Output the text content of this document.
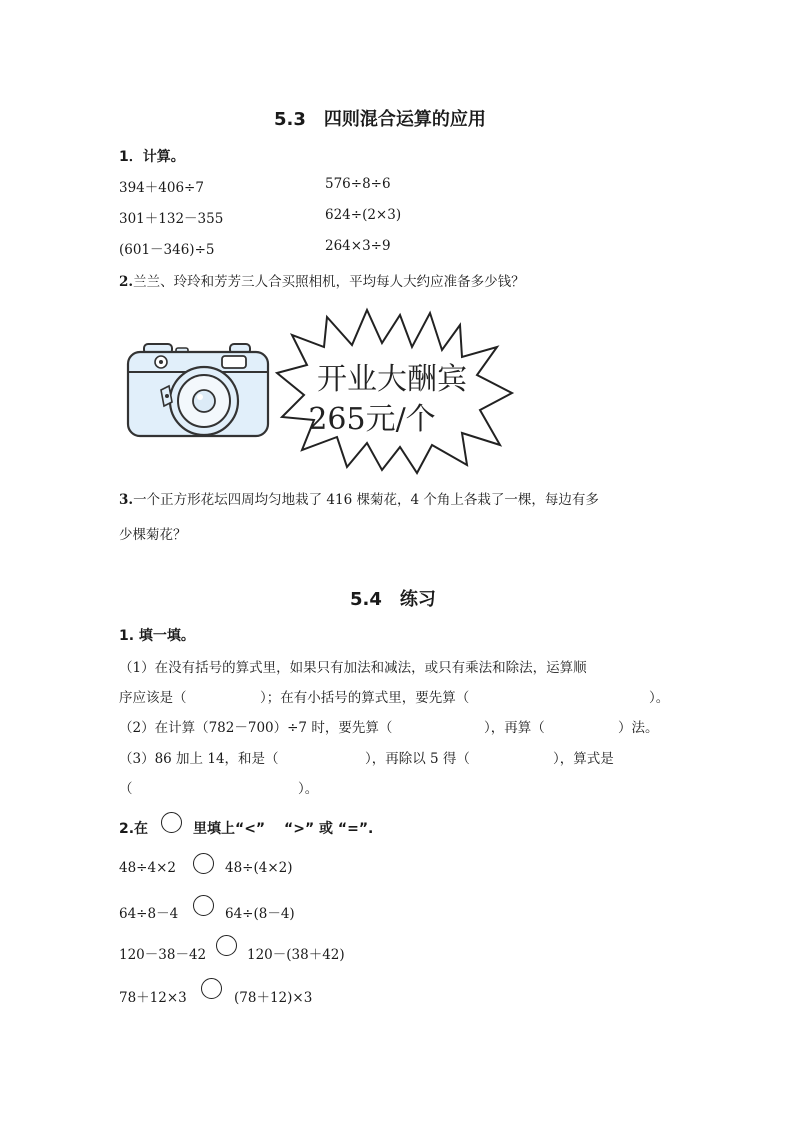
5.3　四则混合运算的应用
1．计算。
394＋406÷7	576÷8÷6
301＋132－355	624÷(2×3)
(601－346)÷5	264×3÷9
2.兰兰、玲玲和芳芳三人合买照相机，平均每人大约应准备多少钱？
开业大酬宾
265元/个
3.一个正方形花坛四周均匀地栽了 416 棵菊花，4 个角上各栽了一棵，每边有多
少棵菊花？
5.4　练习
1. 填一填。
（1）在没有括号的算式里，如果只有加法和减法，或只有乘法和除法，运算顺
序应该是（	）；在有小括号的算式里，要先算（	）。
（2）在计算（782－700）÷7 时，要先算（	），再算（	）法。
（3）86 加上 14，和是（	），再除以 5 得（	），算式是
（	）。
2.在	里填上“<”　 “>” 或 “=”.
48÷4×2	48÷(4×2)
64÷8－4	64÷(8－4)
120－38－42	120－(38＋42)
78＋12×3	(78＋12)×3
